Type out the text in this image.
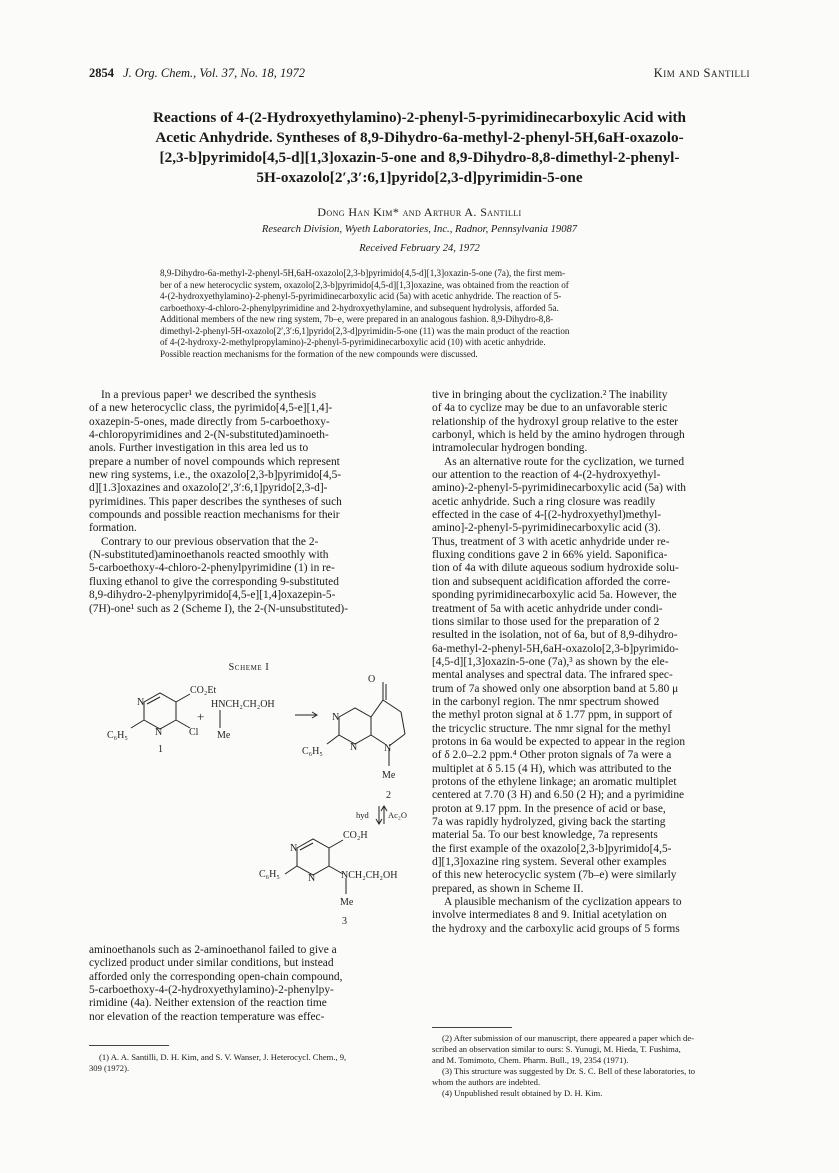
2854 J. Org. Chem., Vol. 37, No. 18, 1972	Kim and Santilli
Reactions of 4-(2-Hydroxyethylamino)-2-phenyl-5-pyrimidinecarboxylic Acid with
Acetic Anhydride. Syntheses of 8,9-Dihydro-6a-methyl-2-phenyl-5H,6aH-oxazolo-
[2,3-b]pyrimido[4,5-d][1,3]oxazin-5-one and 8,9-Dihydro-8,8-dimethyl-2-phenyl-
5H-oxazolo[2′,3′:6,1]pyrido[2,3-d]pyrimidin-5-one
Dong Han Kim* and Arthur A. Santilli
Research Division, Wyeth Laboratories, Inc., Radnor, Pennsylvania 19087
Received February 24, 1972
8,9-Dihydro-6a-methyl-2-phenyl-5H,6aH-oxazolo[2,3-b]pyrimido[4,5-d][1,3]oxazin-5-one (7a), the first mem-
ber of a new heterocyclic system, oxazolo[2,3-b]pyrimido[4,5-d][1,3]oxazine, was obtained from the reaction of
4-(2-hydroxyethylamino)-2-phenyl-5-pyrimidinecarboxylic acid (5a) with acetic anhydride. The reaction of 5-
carboethoxy-4-chloro-2-phenylpyrimidine and 2-hydroxyethylamine, and subsequent hydrolysis, afforded 5a.
Additional members of the new ring system, 7b–e, were prepared in an analogous fashion. 8,9-Dihydro-8,8-
dimethyl-2-phenyl-5H-oxazolo[2′,3′:6,1]pyrido[2,3-d]pyrimidin-5-one (11) was the main product of the reaction
of 4-(2-hydroxy-2-methylpropylamino)-2-phenyl-5-pyrimidinecarboxylic acid (10) with acetic anhydride.
Possible reaction mechanisms for the formation of the new compounds were discussed.
In a previous paper¹ we described the synthesis
of a new heterocyclic class, the pyrimido[4,5-e][1,4]-
oxazepin-5-ones, made directly from 5-carboethoxy-
4-chloropyrimidines and 2-(N-substituted)aminoeth-
anols. Further investigation in this area led us to
prepare a number of novel compounds which represent
new ring systems, i.e., the oxazolo[2,3-b]pyrimido[4,5-
d][1.3]oxazines and oxazolo[2′,3′:6,1]pyrido[2,3-d]-
pyrimidines. This paper describes the syntheses of such
compounds and possible reaction mechanisms for their
formation.
Contrary to our previous observation that the 2-
(N-substituted)aminoethanols reacted smoothly with
5-carboethoxy-4-chloro-2-phenylpyrimidine (1) in re-
fluxing ethanol to give the corresponding 9-substituted
8,9-dihydro-2-phenylpyrimido[4,5-e][1,4]oxazepin-5-
(7H)-one¹ such as 2 (Scheme I), the 2-(N-unsubstituted)-
Scheme I
CO₂Et
N
N	Cl
C₆H₅
1
+
HNCH₂CH₂OH
Me
O
N
N	N
C₆H₅
Me
2
hyd Ac₂O
CO₂H
N
N	NCH₂CH₂OH
C₆H₅
Me
3
aminoethanols such as 2-aminoethanol failed to give a
cyclized product under similar conditions, but instead
afforded only the corresponding open-chain compound,
5-carboethoxy-4-(2-hydroxyethylamino)-2-phenylpy-
rimidine (4a). Neither extension of the reaction time
nor elevation of the reaction temperature was effec-
tive in bringing about the cyclization.² The inability
of 4a to cyclize may be due to an unfavorable steric
relationship of the hydroxyl group relative to the ester
carbonyl, which is held by the amino hydrogen through
intramolecular hydrogen bonding.
As an alternative route for the cyclization, we turned
our attention to the reaction of 4-(2-hydroxyethyl-
amino)-2-phenyl-5-pyrimidinecarboxylic acid (5a) with
acetic anhydride. Such a ring closure was readily
effected in the case of 4-[(2-hydroxyethyl)methyl-
amino]-2-phenyl-5-pyrimidinecarboxylic acid (3).
Thus, treatment of 3 with acetic anhydride under re-
fluxing conditions gave 2 in 66% yield. Saponifica-
tion of 4a with dilute aqueous sodium hydroxide solu-
tion and subsequent acidification afforded the corre-
sponding pyrimidinecarboxylic acid 5a. However, the
treatment of 5a with acetic anhydride under condi-
tions similar to those used for the preparation of 2
resulted in the isolation, not of 6a, but of 8,9-dihydro-
6a-methyl-2-phenyl-5H,6aH-oxazolo[2,3-b]pyrimido-
[4,5-d][1,3]oxazin-5-one (7a),³ as shown by the ele-
mental analyses and spectral data. The infrared spec-
trum of 7a showed only one absorption band at 5.80 μ
in the carbonyl region. The nmr spectrum showed
the methyl proton signal at δ 1.77 ppm, in support of
the tricyclic structure. The nmr signal for the methyl
protons in 6a would be expected to appear in the region
of δ 2.0–2.2 ppm.⁴ Other proton signals of 7a were a
multiplet at δ 5.15 (4 H), which was attributed to the
protons of the ethylene linkage; an aromatic multiplet
centered at 7.70 (3 H) and 6.50 (2 H); and a pyrimidine
proton at 9.17 ppm. In the presence of acid or base,
7a was rapidly hydrolyzed, giving back the starting
material 5a. To our best knowledge, 7a represents
the first example of the oxazolo[2,3-b]pyrimido[4,5-
d][1,3]oxazine ring system. Several other examples
of this new heterocyclic system (7b–e) were similarly
prepared, as shown in Scheme II.
A plausible mechanism of the cyclization appears to
involve intermediates 8 and 9. Initial acetylation on
the hydroxy and the carboxylic acid groups of 5 forms
(1) A. A. Santilli, D. H. Kim, and S. V. Wanser, J. Heterocycl. Chem., 9,
309 (1972).
(2) After submission of our manuscript, there appeared a paper which de-
scribed an observation similar to ours: S. Yunugi, M. Hieda, T. Fushima,
and M. Tomimoto, Chem. Pharm. Bull., 19, 2354 (1971).
(3) This structure was suggested by Dr. S. C. Bell of these laboratories, to
whom the authors are indebted.
(4) Unpublished result obtained by D. H. Kim.
